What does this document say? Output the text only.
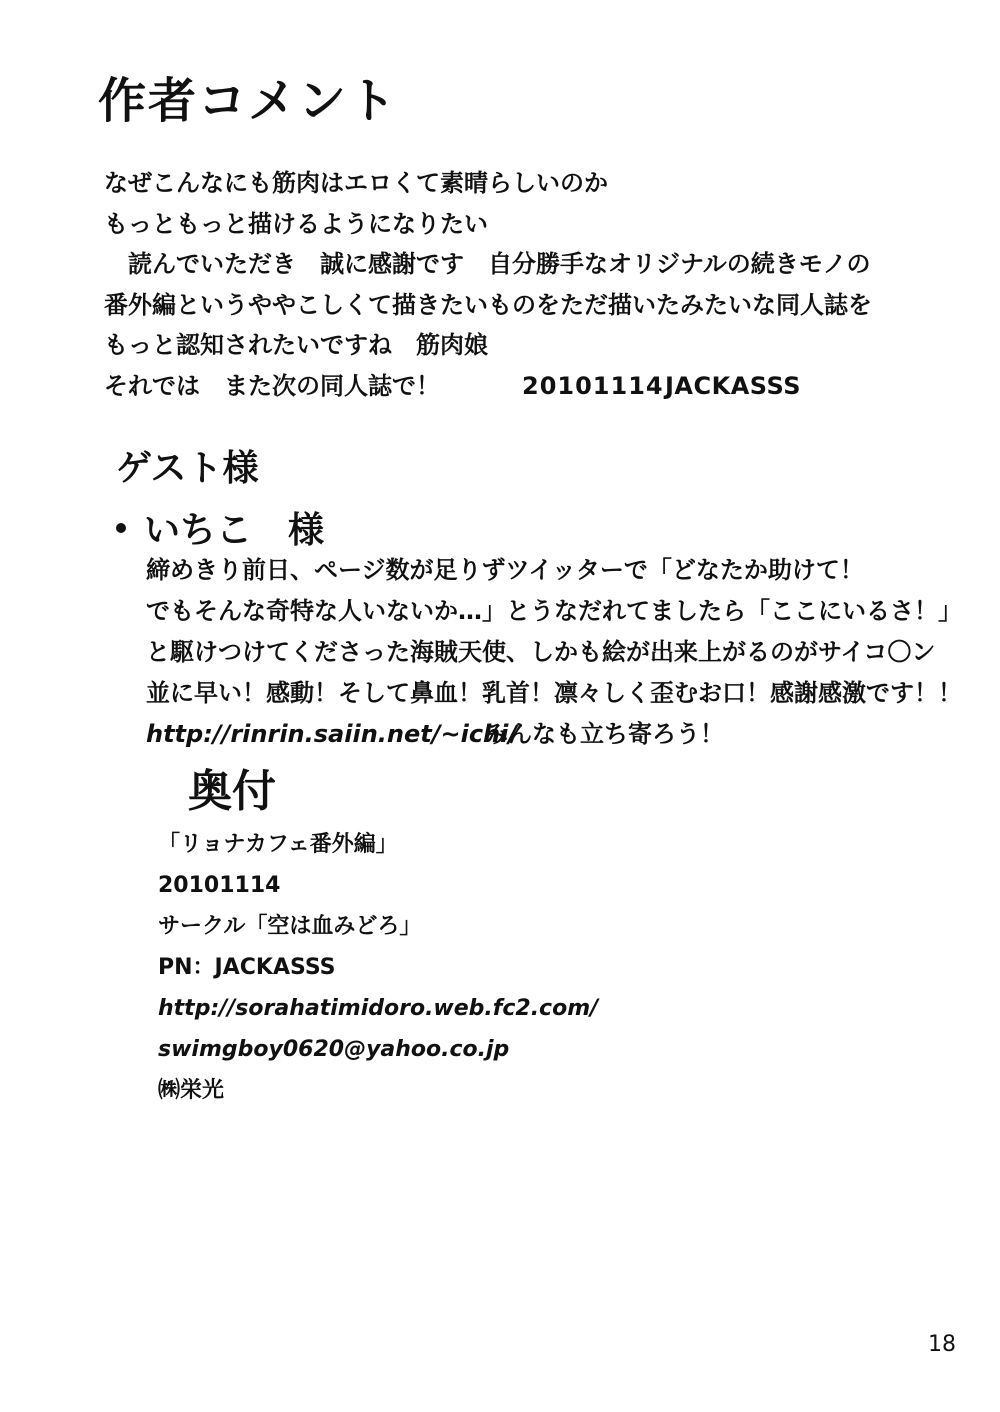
作者コメント
なぜこんなにも筋肉はエロくて素晴らしいのか
もっともっと描けるようになりたい
読んでいただき　誠に感謝です　自分勝手なオリジナルの続きモノの
番外編というややこしくて描きたいものをただ描いたみたいな同人誌を
もっと認知されたいですね　筋肉娘
それでは　また次の同人誌で！	20101114 JACKASSS
ゲスト様
いちこ 様
締めきり前日、ページ数が足りずツイッターで「どなたか助けて！
でもそんな奇特な人いないか…」とうなだれてましたら「ここにいるさ！」
と駆けつけてくださった海賊天使、しかも絵が出来上がるのがサイコ〇ン
並に早い！感動！そして鼻血！乳首！凛々しく歪むお口！感謝感激です！！
http://rinrin.saiin.net/~ichi/
みんなも立ち寄ろう！
奥付
「リョナカフェ番外編」
20101114
サークル「空は血みどろ」
PN：JACKASSS
http://sorahatimidoro.web.fc2.com/
swimgboy0620@yahoo.co.jp
㈱栄光
18
